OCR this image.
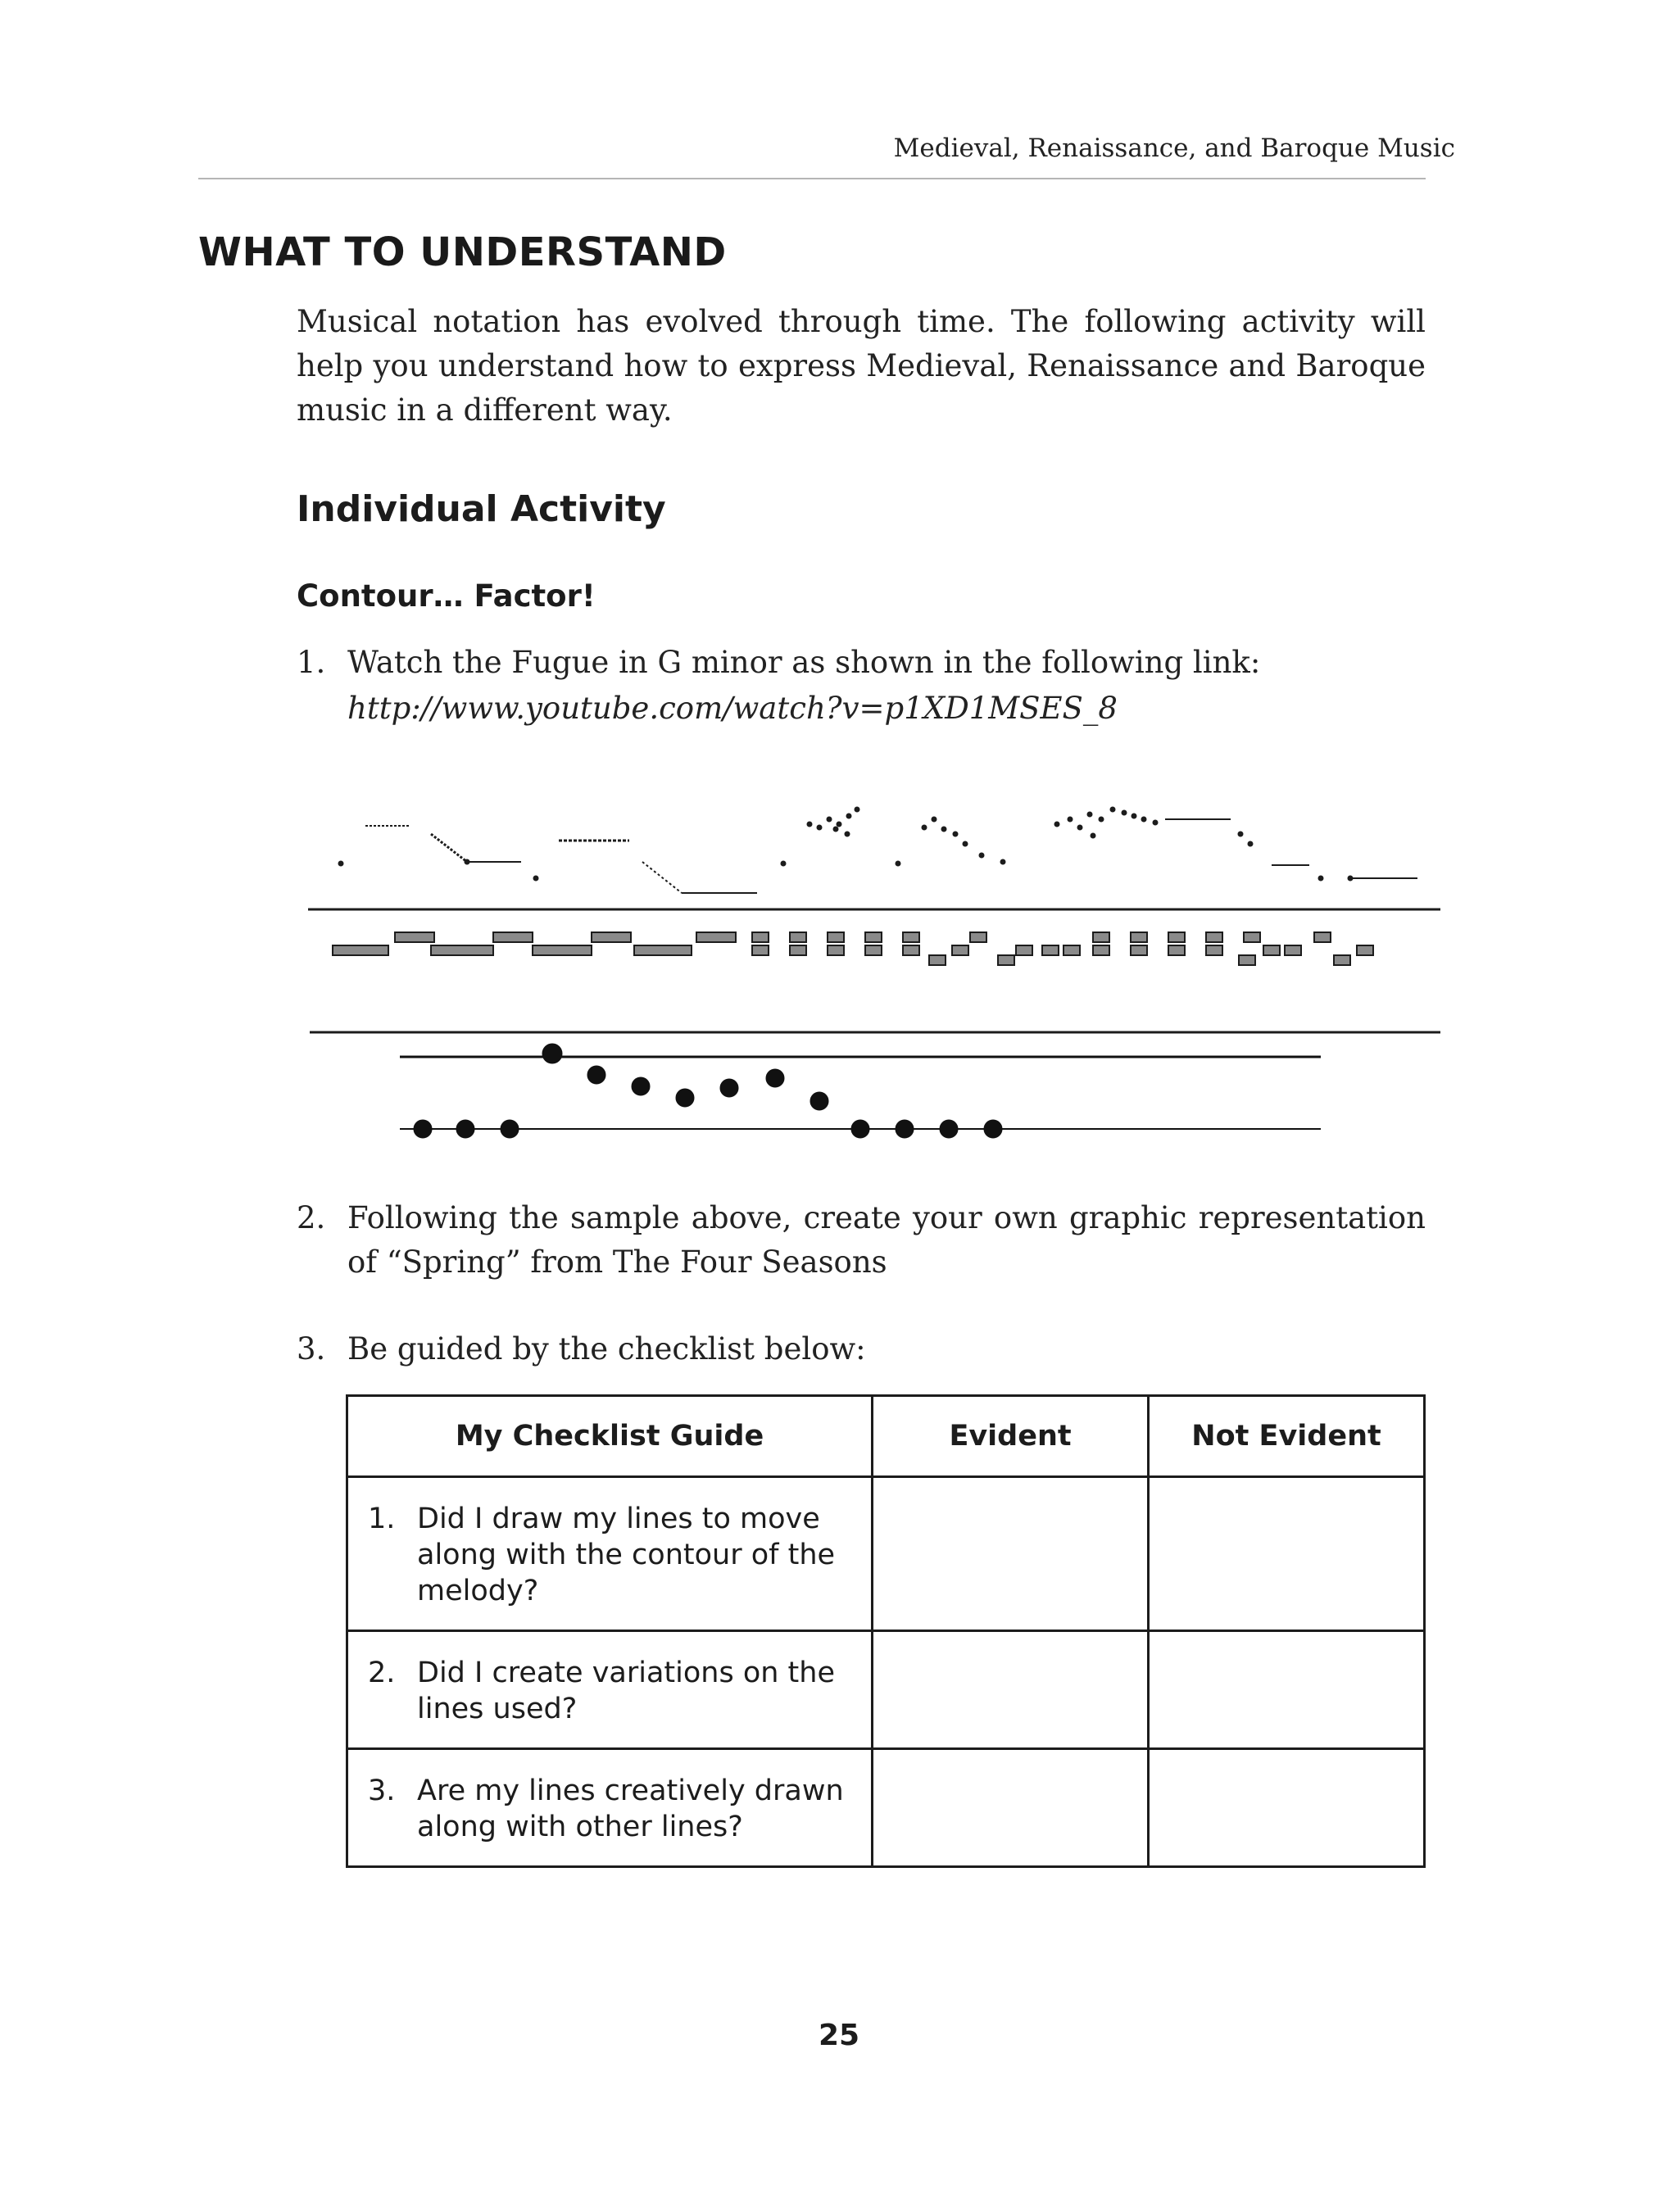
Medieval, Renaissance, and Baroque Music
WHAT TO UNDERSTAND

Musical notation has evolved through time. The following activity will help you understand how to express Medieval, Renaissance and Baroque music in a different way.

Individual Activity
Contour… Factor!
1. Watch the Fugue in G minor as shown in the following link:
http://www.youtube.com/watch?v=p1XD1MSES_8
2. Following the sample above, create your own graphic representation of “Spring” from The Four Seasons
3. Be guided by the checklist below:
My Checklist Guide	Evident	Not Evident

1. Did I draw my lines to move along with the contour of the melody?		

2. Did I create variations on the lines used?		

3. Are my lines creatively drawn along with other lines?		

25
